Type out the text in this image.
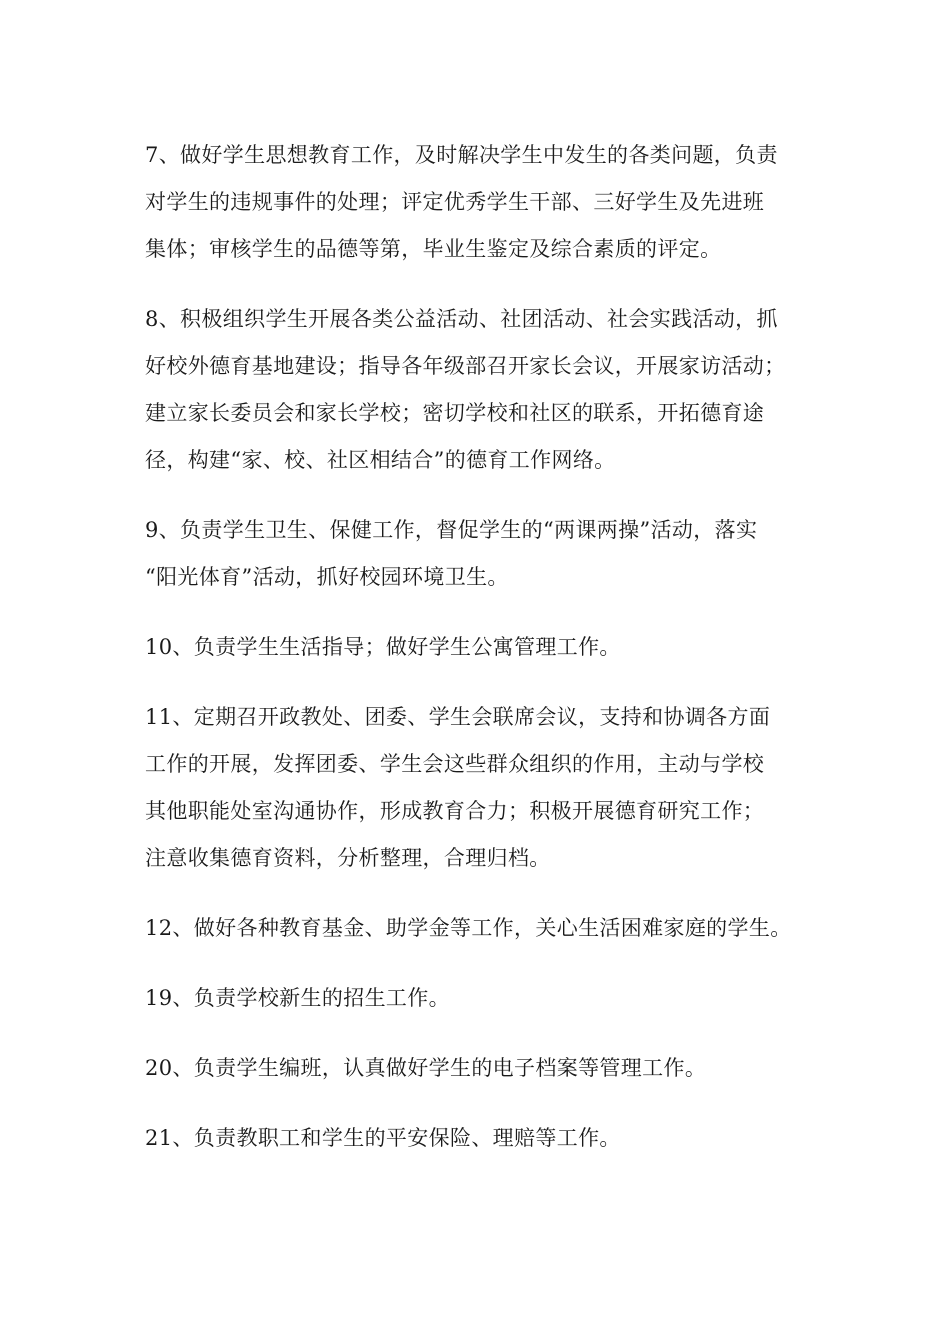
7、做好学生思想教育工作，及时解决学生中发生的各类问题，负责
对学生的违规事件的处理；评定优秀学生干部、三好学生及先进班
集体；审核学生的品德等第，毕业生鉴定及综合素质的评定。
8、积极组织学生开展各类公益活动、社团活动、社会实践活动，抓
好校外德育基地建设；指导各年级部召开家长会议，开展家访活动；
建立家长委员会和家长学校；密切学校和社区的联系，开拓德育途
径，构建“家、校、社区相结合”的德育工作网络。
9、负责学生卫生、保健工作，督促学生的“两课两操”活动，落实
“阳光体育”活动，抓好校园环境卫生。
10、负责学生生活指导；做好学生公寓管理工作。
11、定期召开政教处、团委、学生会联席会议，支持和协调各方面
工作的开展，发挥团委、学生会这些群众组织的作用，主动与学校
其他职能处室沟通协作，形成教育合力；积极开展德育研究工作；
注意收集德育资料，分析整理，合理归档。
12、做好各种教育基金、助学金等工作，关心生活困难家庭的学生。
19、负责学校新生的招生工作。
20、负责学生编班，认真做好学生的电子档案等管理工作。
21、负责教职工和学生的平安保险、理赔等工作。
